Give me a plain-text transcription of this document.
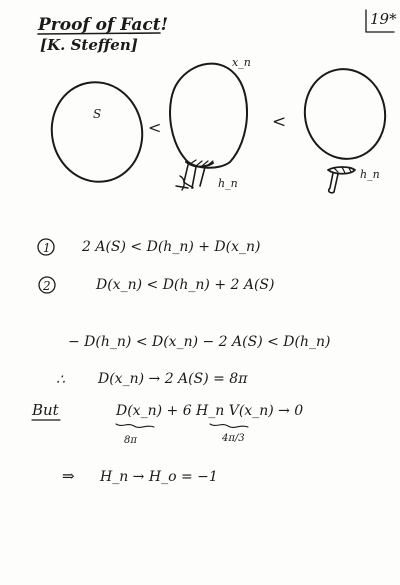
Proof of Fact!
[K. Steffen]
19*
S
<
x_n
h_n
<
h_n
1 2 A(S) < D(h_n) + D(x_n)
2	D(x_n) < D(h_n) + 2 A(S)
− D(h_n) < D(x_n) − 2 A(S) < D(h_n)
∴ D(x_n) → 2 A(S) = 8π
But	D(x_n) + 6 H_n V(x_n) → 0
8π	4π/3
⇒ H_n → H_o = −1
